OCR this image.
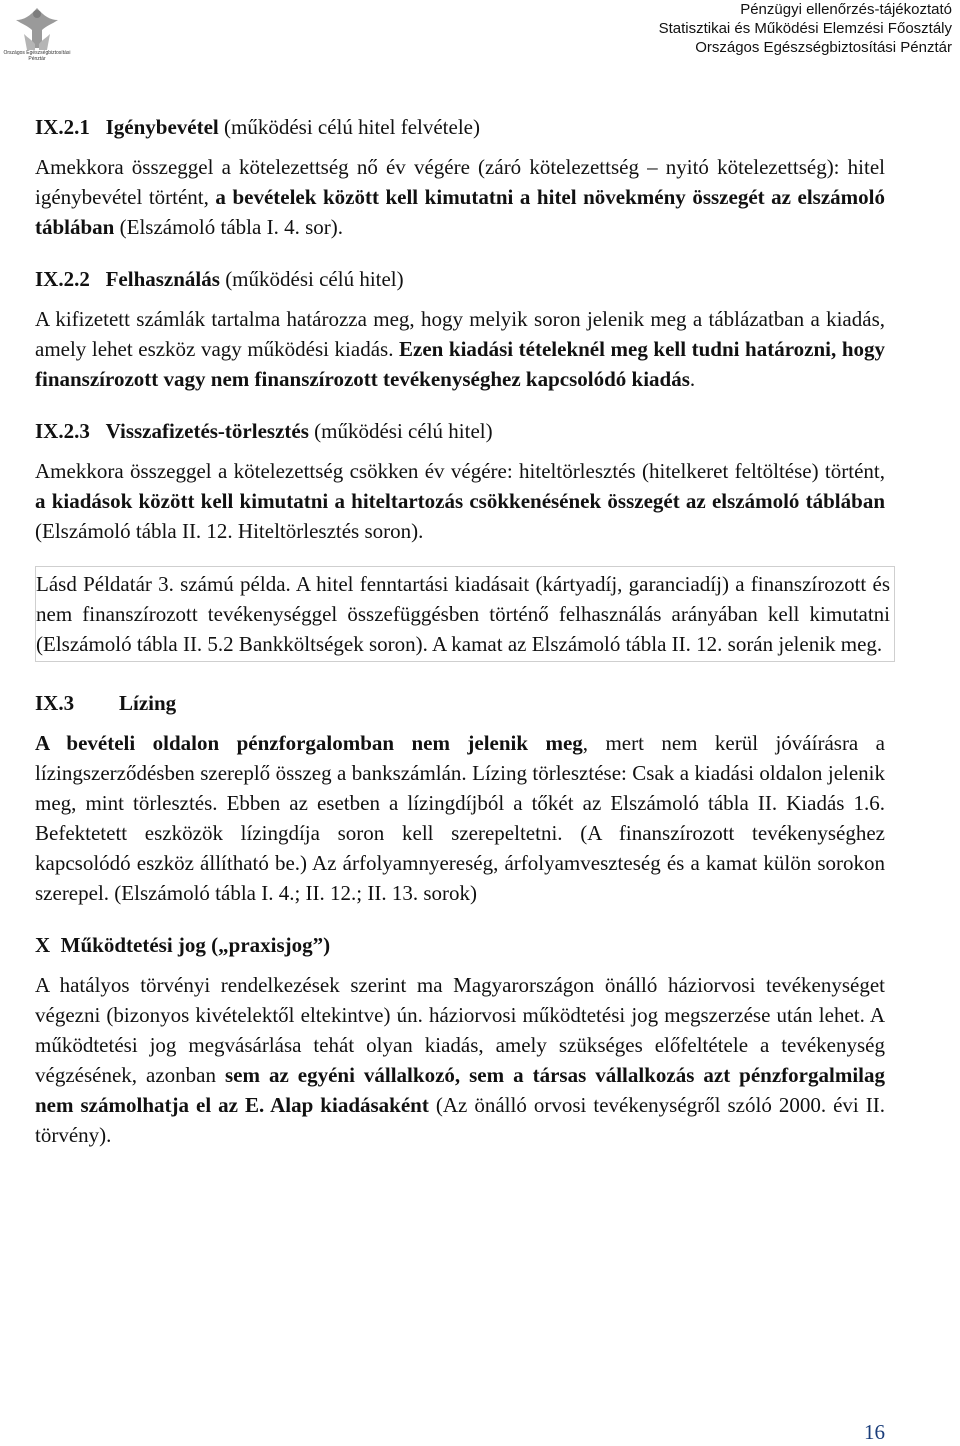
Országos Egészségbiztosítási Pénztár
Pénzügyi ellenőrzés-tájékoztató
Statisztikai és Működési Elemzési Főosztály
Országos Egészségbiztosítási Pénztár

IX.2.1 Igénybevétel (működési célú hitel felvétele)

Amekkora összeggel a kötelezettség nő év végére (záró kötelezettség – nyitó kötelezettség): hitel igénybevétel történt, a bevételek között kell kimutatni a hitel növekmény összegét az elszámoló táblában (Elszámoló tábla I. 4. sor).

IX.2.2 Felhasználás (működési célú hitel)

A kifizetett számlák tartalma határozza meg, hogy melyik soron jelenik meg a táblázatban a kiadás, amely lehet eszköz vagy működési kiadás. Ezen kiadási tételeknél meg kell tudni határozni, hogy finanszírozott vagy nem finanszírozott tevékenységhez kapcsolódó kiadás.

IX.2.3 Visszafizetés-törlesztés (működési célú hitel)

Amekkora összeggel a kötelezettség csökken év végére: hiteltörlesztés (hitelkeret feltöltése) történt, a kiadások között kell kimutatni a hiteltartozás csökkenésének összegét az elszámoló táblában (Elszámoló tábla II. 12. Hiteltörlesztés soron).

Lásd Példatár 3. számú példa. A hitel fenntartási kiadásait (kártyadíj, garanciadíj) a finanszírozott és nem finanszírozott tevékenységgel összefüggésben történő felhasználás arányában kell kimutatni (Elszámoló tábla II. 5.2 Bankköltségek soron). A kamat az Elszámoló tábla II. 12. során jelenik meg.

IX.3	Lízing

A bevételi oldalon pénzforgalomban nem jelenik meg, mert nem kerül jóváírásra a lízingszerződésben szereplő összeg a bankszámlán. Lízing törlesztése: Csak a kiadási oldalon jelenik meg, mint törlesztés. Ebben az esetben a lízingdíjból a tőkét az Elszámoló tábla II. Kiadás 1.6. Befektetett eszközök lízingdíja soron kell szerepeltetni. (A finanszírozott tevékenységhez kapcsolódó eszköz állítható be.) Az árfolyamnyereség, árfolyamveszteség és a kamat külön sorokon szerepel. (Elszámoló tábla I. 4.; II. 12.; II. 13. sorok)

X Működtetési jog („praxisjog”)

A hatályos törvényi rendelkezések szerint ma Magyarországon önálló háziorvosi tevékenységet végezni (bizonyos kivételektől eltekintve) ún. háziorvosi működtetési jog megszerzése után lehet. A működtetési jog megvásárlása tehát olyan kiadás, amely szükséges előfeltétele a tevékenység végzésének, azonban sem az egyéni vállalkozó, sem a társas vállalkozás azt pénzforgalmilag nem számolhatja el az E. Alap kiadásaként (Az önálló orvosi tevékenységről szóló 2000. évi II. törvény).

16
